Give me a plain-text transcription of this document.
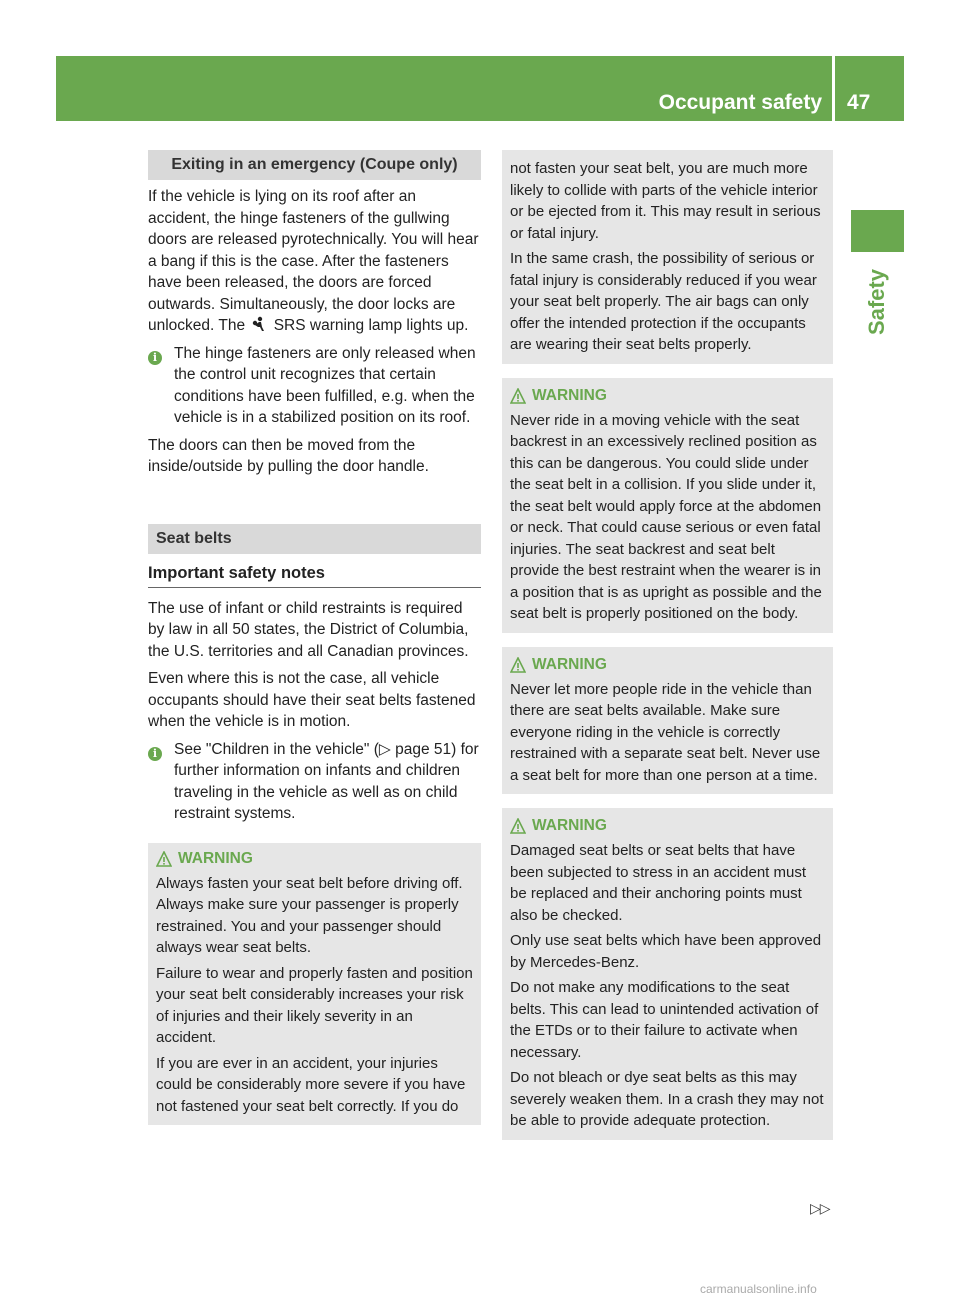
Occupant safety 47
Safety
Exiting in an emergency (Coupe only)

If the vehicle is lying on its roof after an accident, the hinge fasteners of the gullwing doors are released pyrotechnically. You will hear a bang if this is the case. After the fasteners have been released, the doors are forced outwards. Simultaneously, the door locks are unlocked. The SRS warning lamp lights up.

i	The hinge fasteners are only released when the control unit recognizes that certain conditions have been fulfilled, e.g. when the vehicle is in a stabilized position on its roof.

The doors can then be moved from the inside/outside by pulling the door handle.

Seat belts
Important safety notes

The use of infant or child restraints is required by law in all 50 states, the District of Columbia, the U.S. territories and all Canadian provinces.

Even where this is not the case, all vehicle occupants should have their seat belts fastened when the vehicle is in motion.

i	See "Children in the vehicle" (▷ page 51) for further information on infants and children traveling in the vehicle as well as on child restraint systems.
WARNING

Always fasten your seat belt before driving off. Always make sure your passenger is properly restrained. You and your passenger should always wear seat belts.

Failure to wear and properly fasten and position your seat belt considerably increases your risk of injuries and their likely severity in an accident.

If you are ever in an accident, your injuries could be considerably more severe if you have not fastened your seat belt correctly. If you do

not fasten your seat belt, you are much more likely to collide with parts of the vehicle interior or be ejected from it. This may result in serious or fatal injury.

In the same crash, the possibility of serious or fatal injury is considerably reduced if you wear your seat belt properly. The air bags can only offer the intended protection if the occupants are wearing their seat belts properly.

WARNING

Never ride in a moving vehicle with the seat backrest in an excessively reclined position as this can be dangerous. You could slide under the seat belt in a collision. If you slide under it, the seat belt would apply force at the abdomen or neck. That could cause serious or even fatal injuries. The seat backrest and seat belt provide the best restraint when the wearer is in a position that is as upright as possible and the seat belt is properly positioned on the body.

WARNING

Never let more people ride in the vehicle than there are seat belts available. Make sure everyone riding in the vehicle is correctly restrained with a separate seat belt. Never use a seat belt for more than one person at a time.

WARNING

Damaged seat belts or seat belts that have been subjected to stress in an accident must be replaced and their anchoring points must also be checked.

Only use seat belts which have been approved by Mercedes-Benz.

Do not make any modifications to the seat belts. This can lead to unintended activation of the ETDs or to their failure to activate when necessary.

Do not bleach or dye seat belts as this may severely weaken them. In a crash they may not be able to provide adequate protection.

▷▷
carmanualsonline.info
